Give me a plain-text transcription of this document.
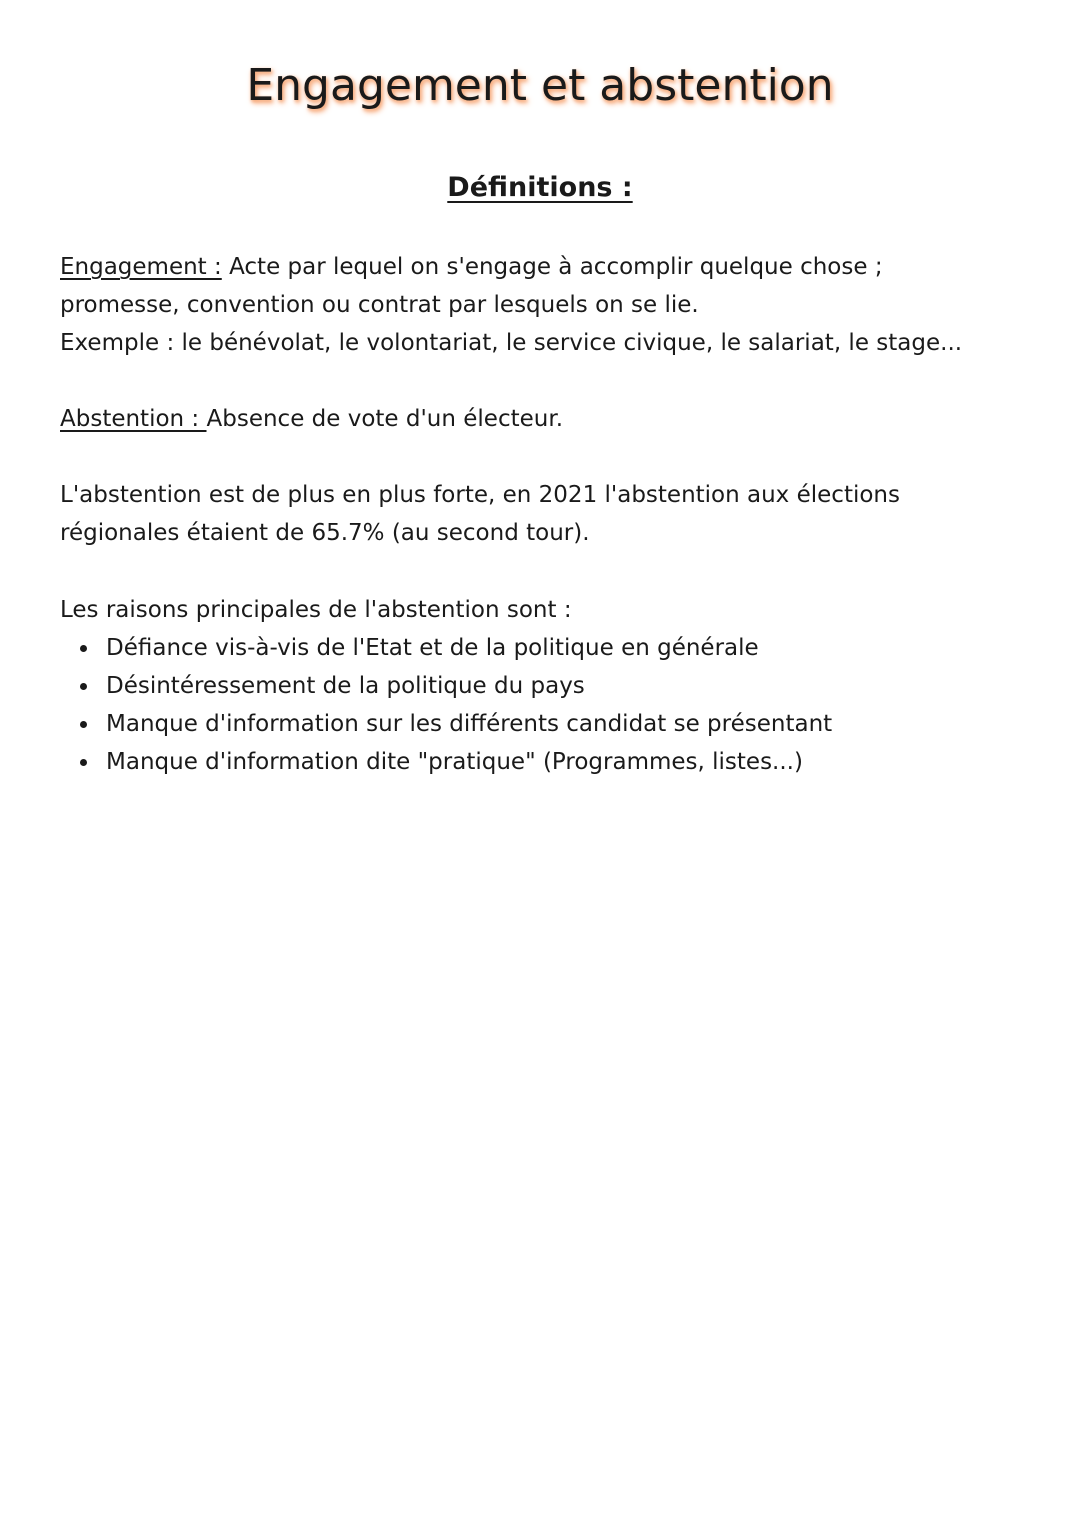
Engagement et abstention
Définitions :

Engagement : Acte par lequel on s'engage à accomplir quelque chose ;

promesse, convention ou contrat par lesquels on se lie.

Exemple : le bénévolat, le volontariat, le service civique, le salariat, le stage...

Abstention : Absence de vote d'un électeur.

L'abstention est de plus en plus forte, en 2021 l'abstention aux élections

régionales étaient de 65.7% (au second tour).

Les raisons principales de l'abstention sont :

Défiance vis-à-vis de l'Etat et de la politique en générale
Désintéressement de la politique du pays
Manque d'information sur les différents candidat se présentant
Manque d'information dite "pratique" (Programmes, listes...)
